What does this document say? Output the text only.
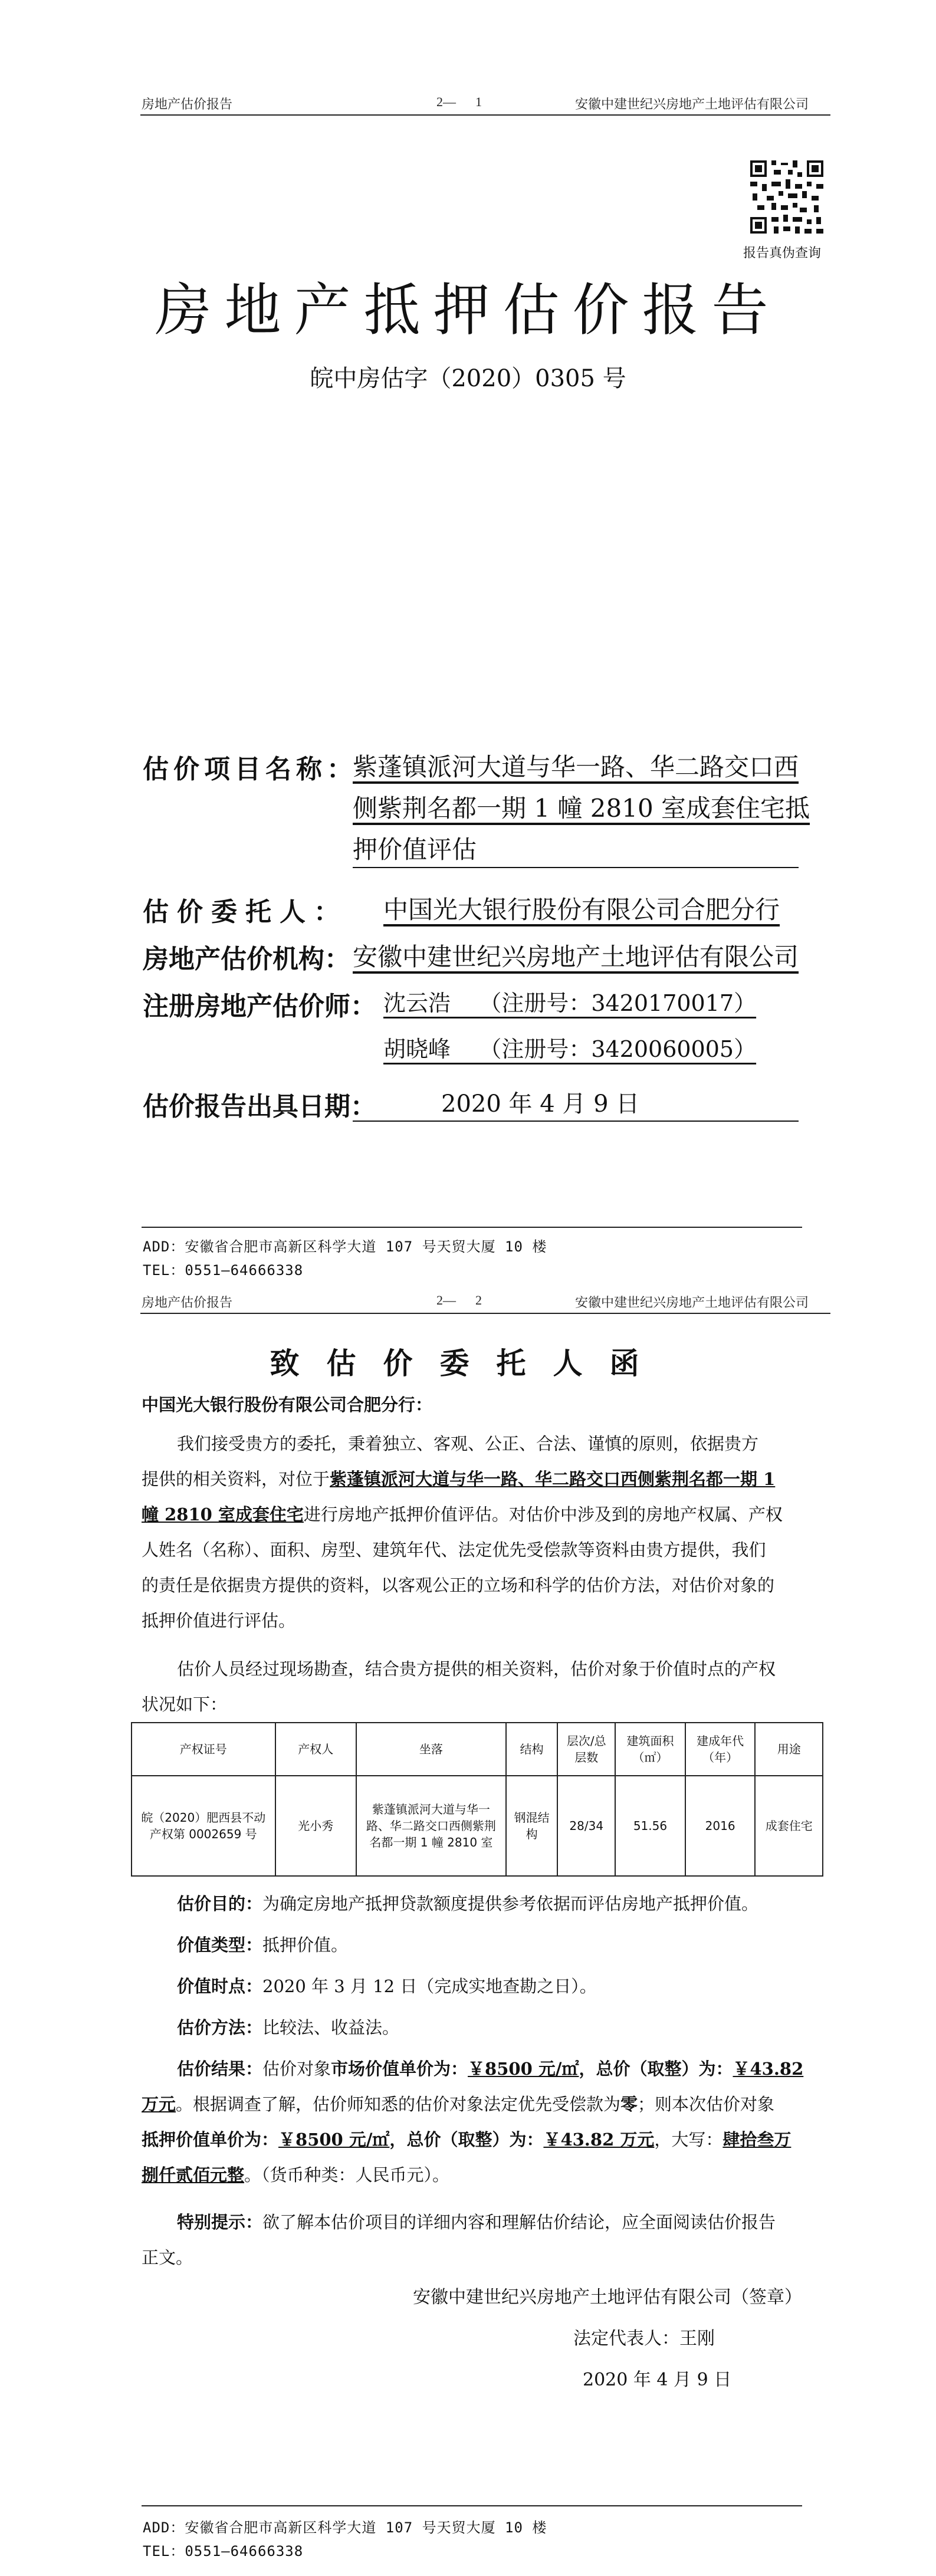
房地产估价报告	2—      1	安徽中建世纪兴房地产土地评估有限公司
报告真伪查询
房地产抵押估价报告
皖中房估字（2020）0305 号
估价项目名称：
紫蓬镇派河大道与华一路、华二路交口西
侧紫荆名都一期 1 幢 2810 室成套住宅抵
押价值评估
估价委托人： 中国光大银行股份有限公司合肥分行
房地产估价机构： 安徽中建世纪兴房地产土地评估有限公司
注册房地产估价师： 沈云浩    （注册号：3420170017）
胡晓峰    （注册号：3420060005）
估价报告出具日期：	2020 年 4 月 9 日
ADD：安徽省合肥市高新区科学大道 107 号天贸大厦 10 楼
TEL：0551—64666338
房地产估价报告	2—      2	安徽中建世纪兴房地产土地评估有限公司
致估价委托人函
中国光大银行股份有限公司合肥分行：
我们接受贵方的委托，秉着独立、客观、公正、合法、谨慎的原则，依据贵方
提供的相关资料，对位于紫蓬镇派河大道与华一路、华二路交口西侧紫荆名都一期 1
幢 2810 室成套住宅进行房地产抵押价值评估。对估价中涉及到的房地产权属、产权
人姓名（名称）、面积、房型、建筑年代、法定优先受偿款等资料由贵方提供，我们
的责任是依据贵方提供的资料，以客观公正的立场和科学的估价方法，对估价对象的
抵押价值进行评估。
估价人员经过现场勘查，结合贵方提供的相关资料，估价对象于价值时点的产权
状况如下：
产权证号	产权人	坐落	结构	层次/总层数	建筑面积（㎡）	建成年代（年）	用途
皖（2020）肥西县不动产权第 0002659 号	光小秀	紫蓬镇派河大道与华一路、华二路交口西侧紫荆名都一期 1 幢 2810 室	钢混结构	28/34	51.56	2016	成套住宅
估价目的：为确定房地产抵押贷款额度提供参考依据而评估房地产抵押价值。
价值类型：抵押价值。
价值时点：2020 年 3 月 12 日（完成实地查勘之日）。
估价方法：比较法、收益法。
估价结果：估价对象市场价值单价为：￥8500 元/㎡，总价（取整）为：￥43.82
万元。根据调查了解，估价师知悉的估价对象法定优先受偿款为零；则本次估价对象
抵押价值单价为：￥8500 元/㎡，总价（取整）为：￥43.82 万元，大写：肆拾叁万
捌仟贰佰元整。（货币种类：人民币元）。
特别提示：欲了解本估价项目的详细内容和理解估价结论，应全面阅读估价报告
正文。
安徽中建世纪兴房地产土地评估有限公司（签章）
法定代表人：王刚
2020 年 4 月 9 日
ADD：安徽省合肥市高新区科学大道 107 号天贸大厦 10 楼
TEL：0551—64666338
